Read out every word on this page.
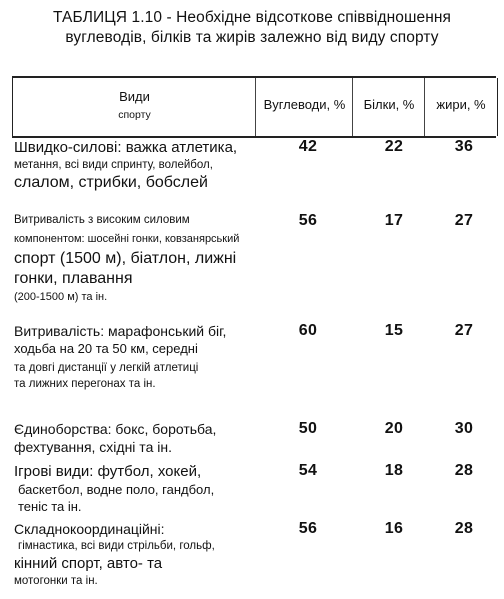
ТАБЛИЦЯ 1.10 - Необхідне відсоткове співвідношення
вуглеводів, білків та жирів залежно від виду спорту
Види
спорту
Вуглеводи, %	Білки, %	жири, %
Швидко-силові: важка атлетика,
метання, всі види спринту, волейбол,
слалом, стрибки, бобслей
42	22	36
Витривалість з високим силовим
компонентом: шосейні гонки, ковзанярський
спорт (1500 м), біатлон, лижні
гонки, плавання
(200-1500 м) та ін.
56	17	27
Витривалість: марафонський біг,
ходьба на 20 та 50 км, середні
та довгі дистанції у легкій атлетиці
та лижних перегонах та ін.
60	15	27
Єдиноборства: бокс, боротьба,
фехтування, східні та ін.
50	20	30
Ігрові види: футбол, хокей,
баскетбол, водне поло, гандбол,
теніс та ін.
54	18	28
Складнокоординаційні:
гімнастика, всі види стрільби, гольф,
кінний спорт, авто- та
мотогонки та ін.
56	16	28
